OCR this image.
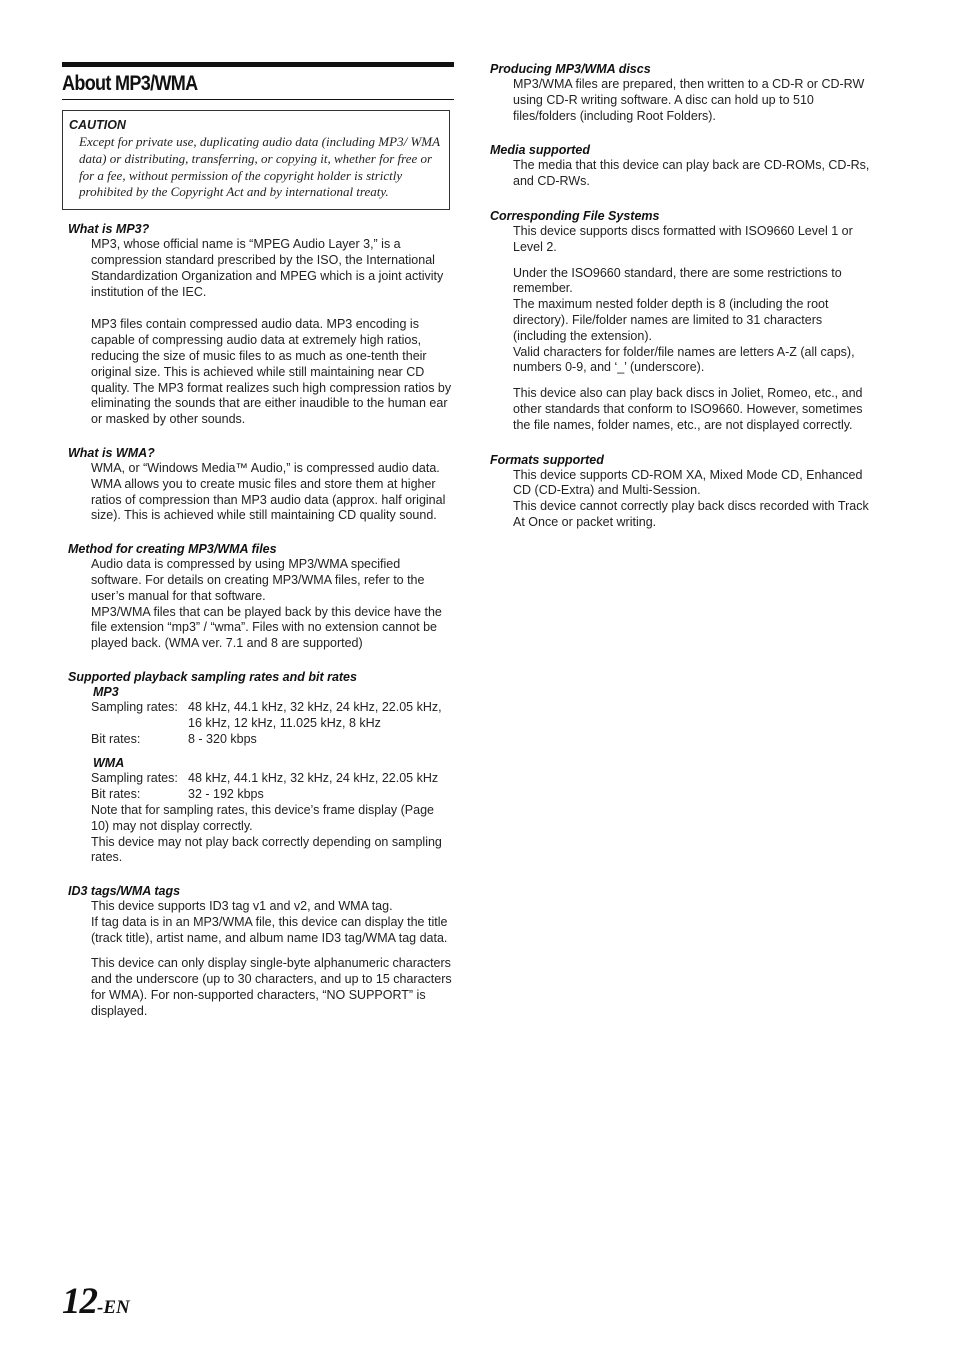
About MP3/WMA
CAUTION
Except for private use, duplicating audio data (including MP3/ WMA data) or distributing, transferring, or copying it, whether for free or for a fee, without permission of the copyright holder is strictly prohibited by the Copyright Act and by international treaty.
What is MP3?

MP3, whose official name is “MPEG Audio Layer 3,” is a compression standard prescribed by the ISO, the International Standardization Organization and MPEG which is a joint activity institution of the IEC.

MP3 files contain compressed audio data. MP3 encoding is capable of compressing audio data at extremely high ratios, reducing the size of music files to as much as one-tenth their original size. This is achieved while still maintaining near CD quality. The MP3 format realizes such high compression ratios by eliminating the sounds that are either inaudible to the human ear or masked by other sounds.

What is WMA?

WMA, or “Windows Media™ Audio,” is compressed audio data.

WMA allows you to create music files and store them at higher ratios of compression than MP3 audio data (approx. half original size). This is achieved while still maintaining CD quality sound.

Method for creating MP3/WMA files

Audio data is compressed by using MP3/WMA specified software. For details on creating MP3/WMA files, refer to the user’s manual for that software.

MP3/WMA files that can be played back by this device have the file extension “mp3” / “wma”. Files with no extension cannot be played back. (WMA ver. 7.1 and 8 are supported)

Supported playback sampling rates and bit rates
MP3
Sampling rates: 48 kHz, 44.1 kHz, 32 kHz, 24 kHz, 22.05 kHz, 16 kHz, 12 kHz, 11.025 kHz, 8 kHz
Bit rates:	8 - 320 kbps
WMA
Sampling rates: 48 kHz, 44.1 kHz, 32 kHz, 24 kHz, 22.05 kHz
Bit rates:	32 - 192 kbps

Note that for sampling rates, this device’s frame display (Page 10) may not display correctly.

This device may not play back correctly depending on sampling rates.

ID3 tags/WMA tags

This device supports ID3 tag v1 and v2, and WMA tag.

If tag data is in an MP3/WMA file, this device can display the title (track title), artist name, and album name ID3 tag/WMA tag data.

This device can only display single-byte alphanumeric characters and the underscore (up to 30 characters, and up to 15 characters for WMA). For non-supported characters, “NO SUPPORT” is displayed.

Producing MP3/WMA discs

MP3/WMA files are prepared, then written to a CD-R or CD-RW using CD-R writing software. A disc can hold up to 510 files/folders (including Root Folders).

Media supported

The media that this device can play back are CD-ROMs, CD-Rs, and CD-RWs.

Corresponding File Systems

This device supports discs formatted with ISO9660 Level 1 or Level 2.

Under the ISO9660 standard, there are some restrictions to remember.

The maximum nested folder depth is 8 (including the root directory). File/folder names are limited to 31 characters (including the extension).

Valid characters for folder/file names are letters A-Z (all caps), numbers 0-9, and ‘_’ (underscore).

This device also can play back discs in Joliet, Romeo, etc., and other standards that conform to ISO9660. However, sometimes the file names, folder names, etc., are not displayed correctly.

Formats supported

This device supports CD-ROM XA, Mixed Mode CD, Enhanced CD (CD-Extra) and Multi-Session.

This device cannot correctly play back discs recorded with Track At Once or packet writing.

12-EN
